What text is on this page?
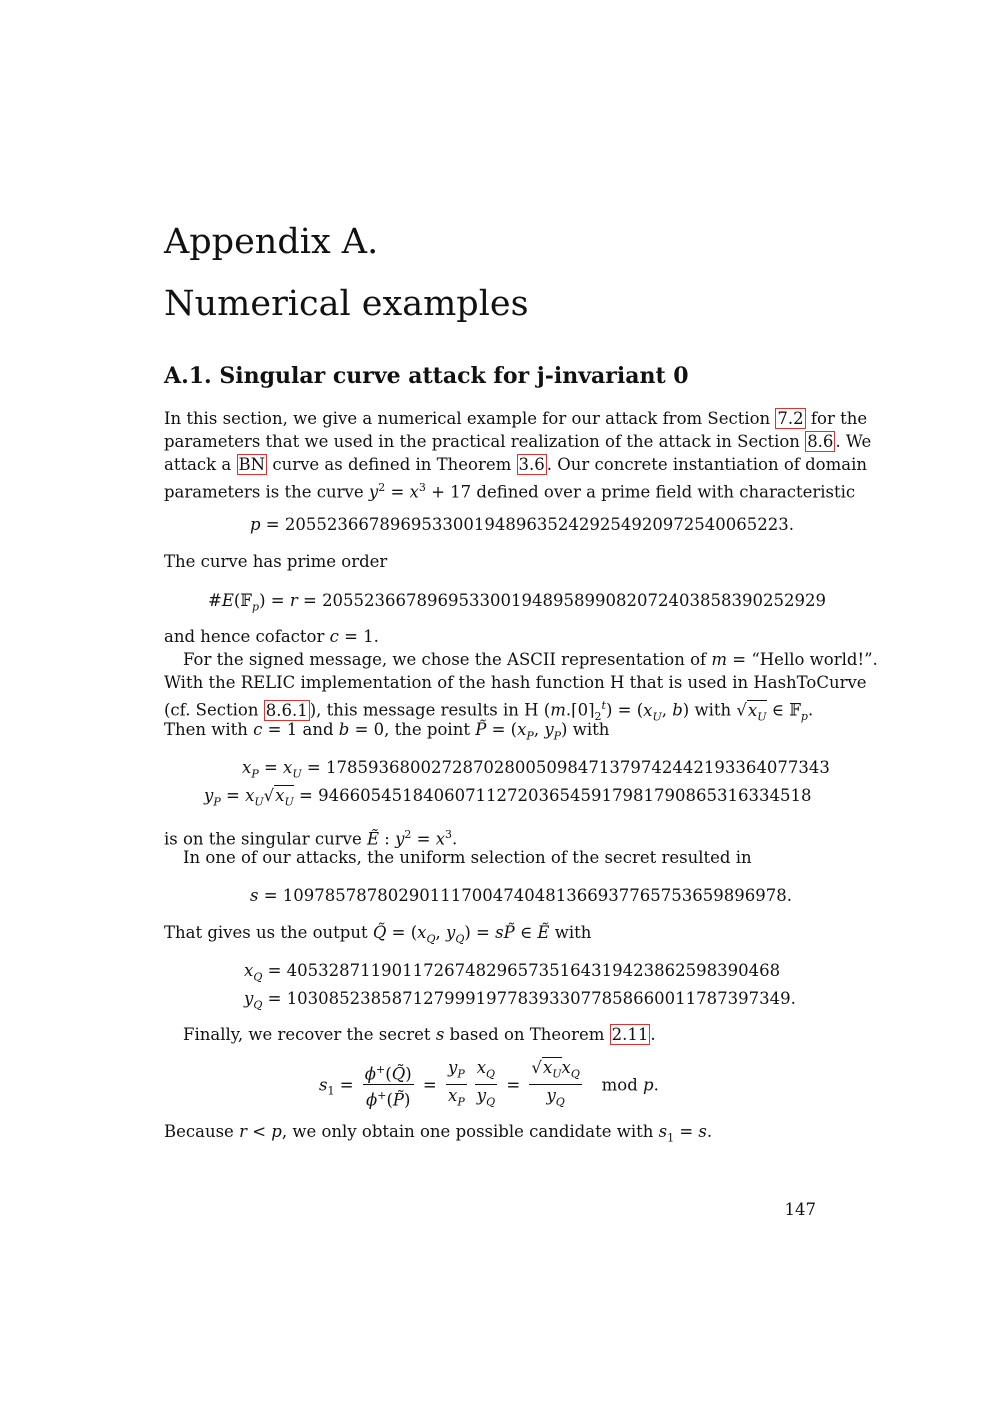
Appendix A.
Numerical examples
A.1. Singular curve attack for j-invariant 0
In this section, we give a numerical example for our attack from Section 7.2 for the
parameters that we used in the practical realization of the attack in Section 8.6 . We
attack a BN curve as defined in Theorem 3.6 . Our concrete instantiation of domain
parameters is the curve $y^2 = x^3 + 17$ defined over a prime field with characteristic
p = 20552366789695330019489635242925492097254006522​3.
The curve has prime order
#E(𝔽$_p$) = r = 20552366789695330019489589908207240385839025292​9
and hence cofactor c = 1.
For the signed message, we chose the ASCII representation of m = “Hello world!”.
With the RELIC implementation of the hash function H that is used in HashToCurve
(cf. Section 8.6.1 ), this message results in H $(m.⌈0⌉_2^t) = (x_U$, b) with $√x_U$ ∈ 𝔽$_p$.
Then with c = 1 and b = 0, the point P̃ = ($x_P$, $y_P$) with
$x_P = x_U = 178593680027287028005098471379742442193364077343$
$y_P = x_U√x_U$ = 946605451840607112720365459179817908653163345​18
is on the singular curve Ẽ : $y^2 = x^3$.
In one of our attacks, the uniform selection of the secret resulted in
s = 109785787802901117004740481366937765753659896978.
That gives us the output Q̃ = ($x_Q$, $y_Q$) = sP̃ ∈ Ẽ with
$x_Q$ = 405328711901172674829657351643194238625983904​68
$y_Q = 103085238587127999197783933077858660011787397349$.
Finally, we recover the secret s based on Theorem 2.11 .
$s_1 = \frac{\phi^+(Q̃)}{\phi^+(P̃)} = \frac{y_P}{x_P} \frac{x_Q}{y_Q} = \frac{√x_Ux_Q}{y_Q}$ mod p.
Because r < p, we only obtain one possible candidate with $s_1 = s$.
147
